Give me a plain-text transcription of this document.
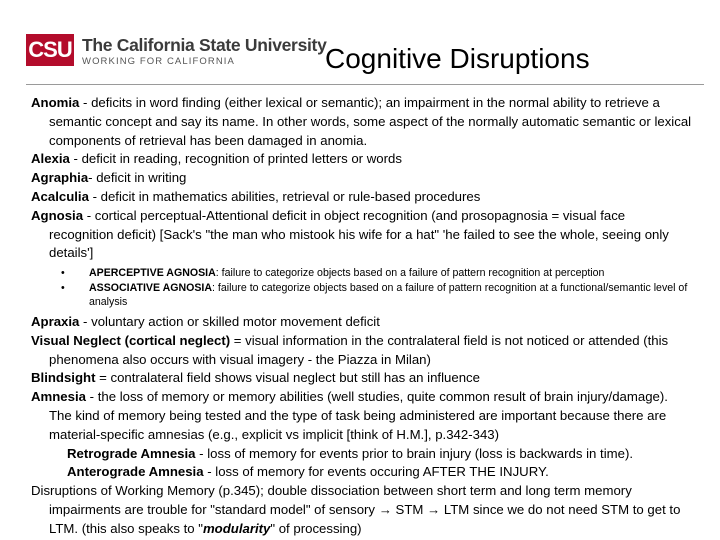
CSU The California State University
WORKING FOR CALIFORNIA	Cognitive Disruptions

Anomia - deficits in word finding (either lexical or semantic); an impairment in the normal ability to retrieve a semantic concept and say its name. In other words, some aspect of the normally automatic semantic or lexical components of retrieval has been damaged in anomia.

Alexia - deficit in reading, recognition of printed letters or words

Agraphia- deficit in writing

Acalculia - deficit in mathematics abilities, retrieval or rule-based procedures

Agnosia - cortical perceptual-Attentional deficit in object recognition (and prosopagnosia = visual face recognition deficit) [Sack's "the man who mistook his wife for a hat" 'he failed to see the whole, seeing only details']

• APERCEPTIVE AGNOSIA: failure to categorize objects based on a failure of pattern recognition at perception
• ASSOCIATIVE AGNOSIA: failure to categorize objects based on a failure of pattern recognition at a functional/semantic level of analysis

Apraxia - voluntary action or skilled motor movement deficit

Visual Neglect (cortical neglect) = visual information in the contralateral field is not noticed or attended (this phenomena also occurs with visual imagery - the Piazza in Milan)

Blindsight = contralateral field shows visual neglect but still has an influence

Amnesia - the loss of memory or memory abilities (well studies, quite common result of brain injury/damage). The kind of memory being tested and the type of task being administered are important because there are material-specific amnesias (e.g., explicit vs implicit [think of H.M.], p.342-343)

Retrograde Amnesia - loss of memory for events prior to brain injury (loss is backwards in time).

Anterograde Amnesia - loss of memory for events occuring AFTER THE INJURY.

Disruptions of Working Memory (p.345); double dissociation between short term and long term memory impairments are trouble for "standard model" of sensory → STM → LTM since we do not need STM to get to LTM. (this also speaks to "modularity" of processing)
